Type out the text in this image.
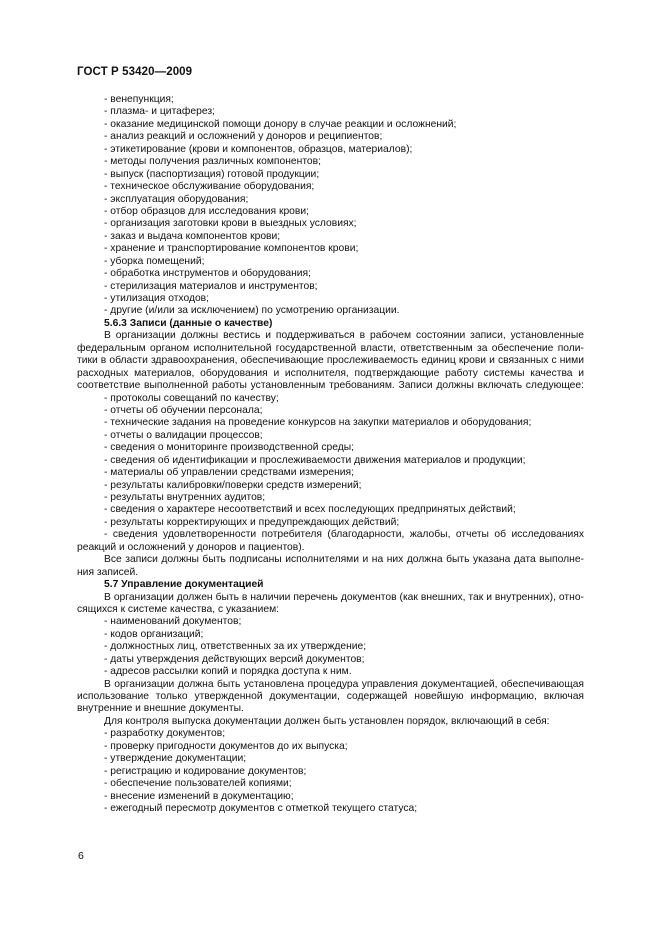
ГОСТ Р 53420—2009
- венепункция;
- плазма- и цитаферез;
- оказание медицинской помощи донору в случае реакции и осложнений;
- анализ реакций и осложнений у доноров и реципиентов;
- этикетирование (крови и компонентов, образцов, материалов);
- методы получения различных компонентов;
- выпуск (паспортизация) готовой продукции;
- техническое обслуживание оборудования;
- эксплуатация оборудования;
- отбор образцов для исследования крови;
- организация заготовки крови в выездных условиях;
- заказ и выдача компонентов крови;
- хранение и транспортирование компонентов крови;
- уборка помещений;
- обработка инструментов и оборудования;
- стерилизация материалов и инструментов;
- утилизация отходов;
- другие (и/или за исключением) по усмотрению организации.
5.6.3 Записи (данные о качестве)
В организации должны вестись и поддерживаться в рабочем состоянии записи, установленные
федеральным органом исполнительной государственной власти, ответственным за обеспечение поли-
тики в области здравоохранения, обеспечивающие прослеживаемость единиц крови и связанных с ними
расходных материалов, оборудования и исполнителя, подтверждающие работу системы качества и
соответствие выполненной работы установленным требованиям. Записи должны включать следующее:
- протоколы совещаний по качеству;
- отчеты об обучении персонала;
- технические задания на проведение конкурсов на закупки материалов и оборудования;
- отчеты о валидации процессов;
- сведения о мониторинге производственной среды;
- сведения об идентификации и прослеживаемости движения материалов и продукции;
- материалы об управлении средствами измерения;
- результаты калибровки/поверки средств измерений;
- результаты внутренних аудитов;
- сведения о характере несоответствий и всех последующих предпринятых действий;
- результаты корректирующих и предупреждающих действий;
- сведения удовлетворенности потребителя (благодарности, жалобы, отчеты об исследованиях
реакций и осложнений у доноров и пациентов).
Все записи должны быть подписаны исполнителями и на них должна быть указана дата выполне-
ния записей.
5.7 Управление документацией
В организации должен быть в наличии перечень документов (как внешних, так и внутренних), отно-
сящихся к системе качества, с указанием:
- наименований документов;
- кодов организаций;
- должностных лиц, ответственных за их утверждение;
- даты утверждения действующих версий документов;
- адресов рассылки копий и порядка доступа к ним.
В организации должна быть установлена процедура управления документацией, обеспечивающая
использование только утвержденной документации, содержащей новейшую информацию, включая
внутренние и внешние документы.
Для контроля выпуска документации должен быть установлен порядок, включающий в себя:
- разработку документов;
- проверку пригодности документов до их выпуска;
- утверждение документации;
- регистрацию и кодирование документов;
- обеспечение пользователей копиями;
- внесение изменений в документацию;
- ежегодный пересмотр документов с отметкой текущего статуса;
6
